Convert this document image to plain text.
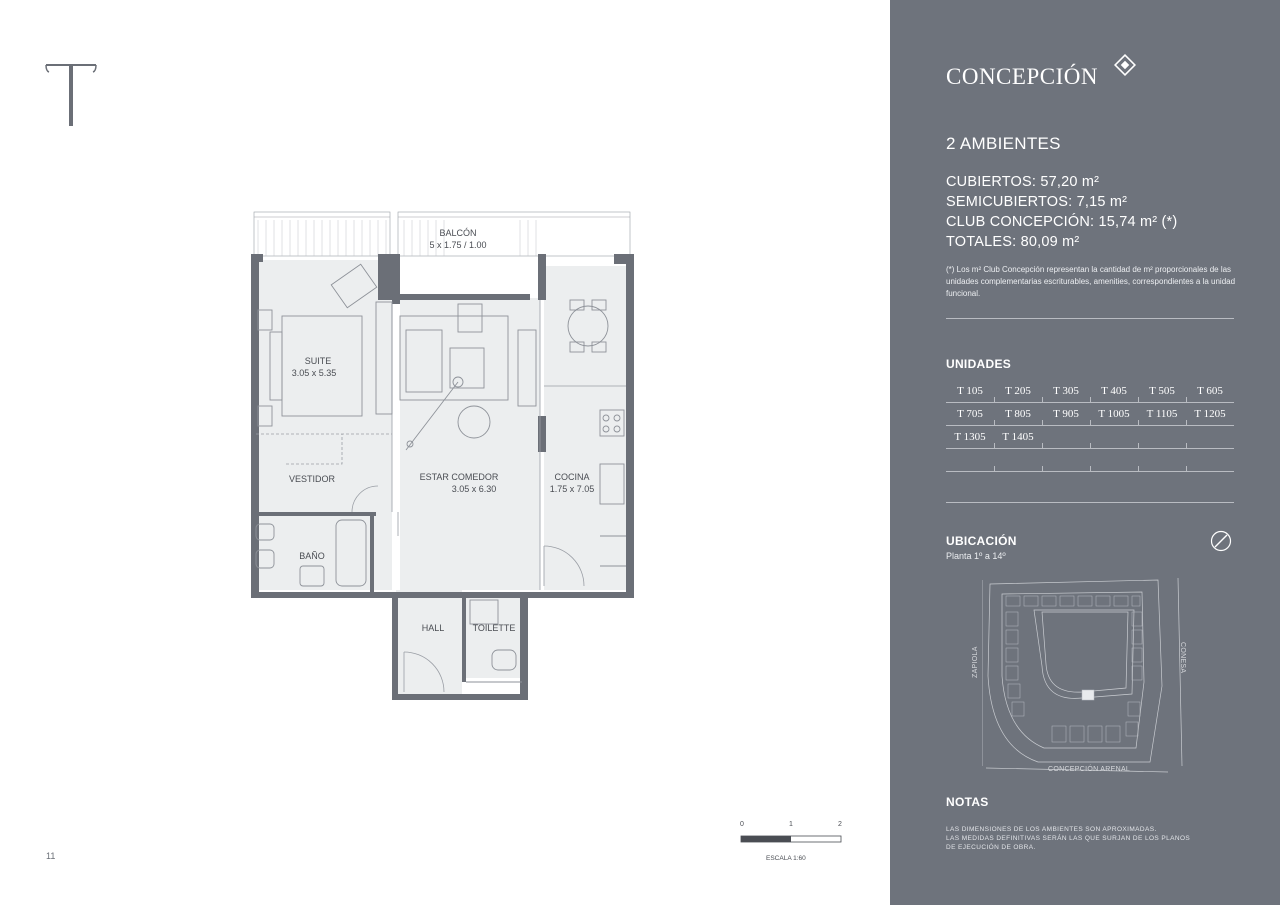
BALCÓN
5 x 1.75 / 1.00
SUITE
3.05 x 5.35
VESTIDOR
BAÑO
ESTAR COMEDOR
3.05 x 6.30
COCINA
1.75 x 7.05
HALL	TOILETTE
0	1	2
ESCALA 1:60
11
CONCEPCIÓN
2 AMBIENTES
CUBIERTOS: 57,20 m²
SEMICUBIERTOS: 7,15 m²
CLUB CONCEPCIÓN: 15,74 m² (*)
TOTALES: 80,09 m²
(*) Los m² Club Concepción representan la cantidad de m² proporcionales de las unidades complementarias escriturables, amenities, correspondientes a la unidad funcional.
UNIDADES
T 105	T 205	T 305	T 405	T 505	T 605
T 705	T 805	T 905	T 1005	T 1105	T 1205
T 1305	T 1405
UBICACIÓN
Planta 1º a 14º
CONCEPCIÓN ARENAL
ZAPIOLA	CONESA
NOTAS
LAS DIMENSIONES DE LOS AMBIENTES SON APROXIMADAS.
LAS MEDIDAS DEFINITIVAS SERÁN LAS QUE SURJAN DE LOS PLANOS
DE EJECUCIÓN DE OBRA.
